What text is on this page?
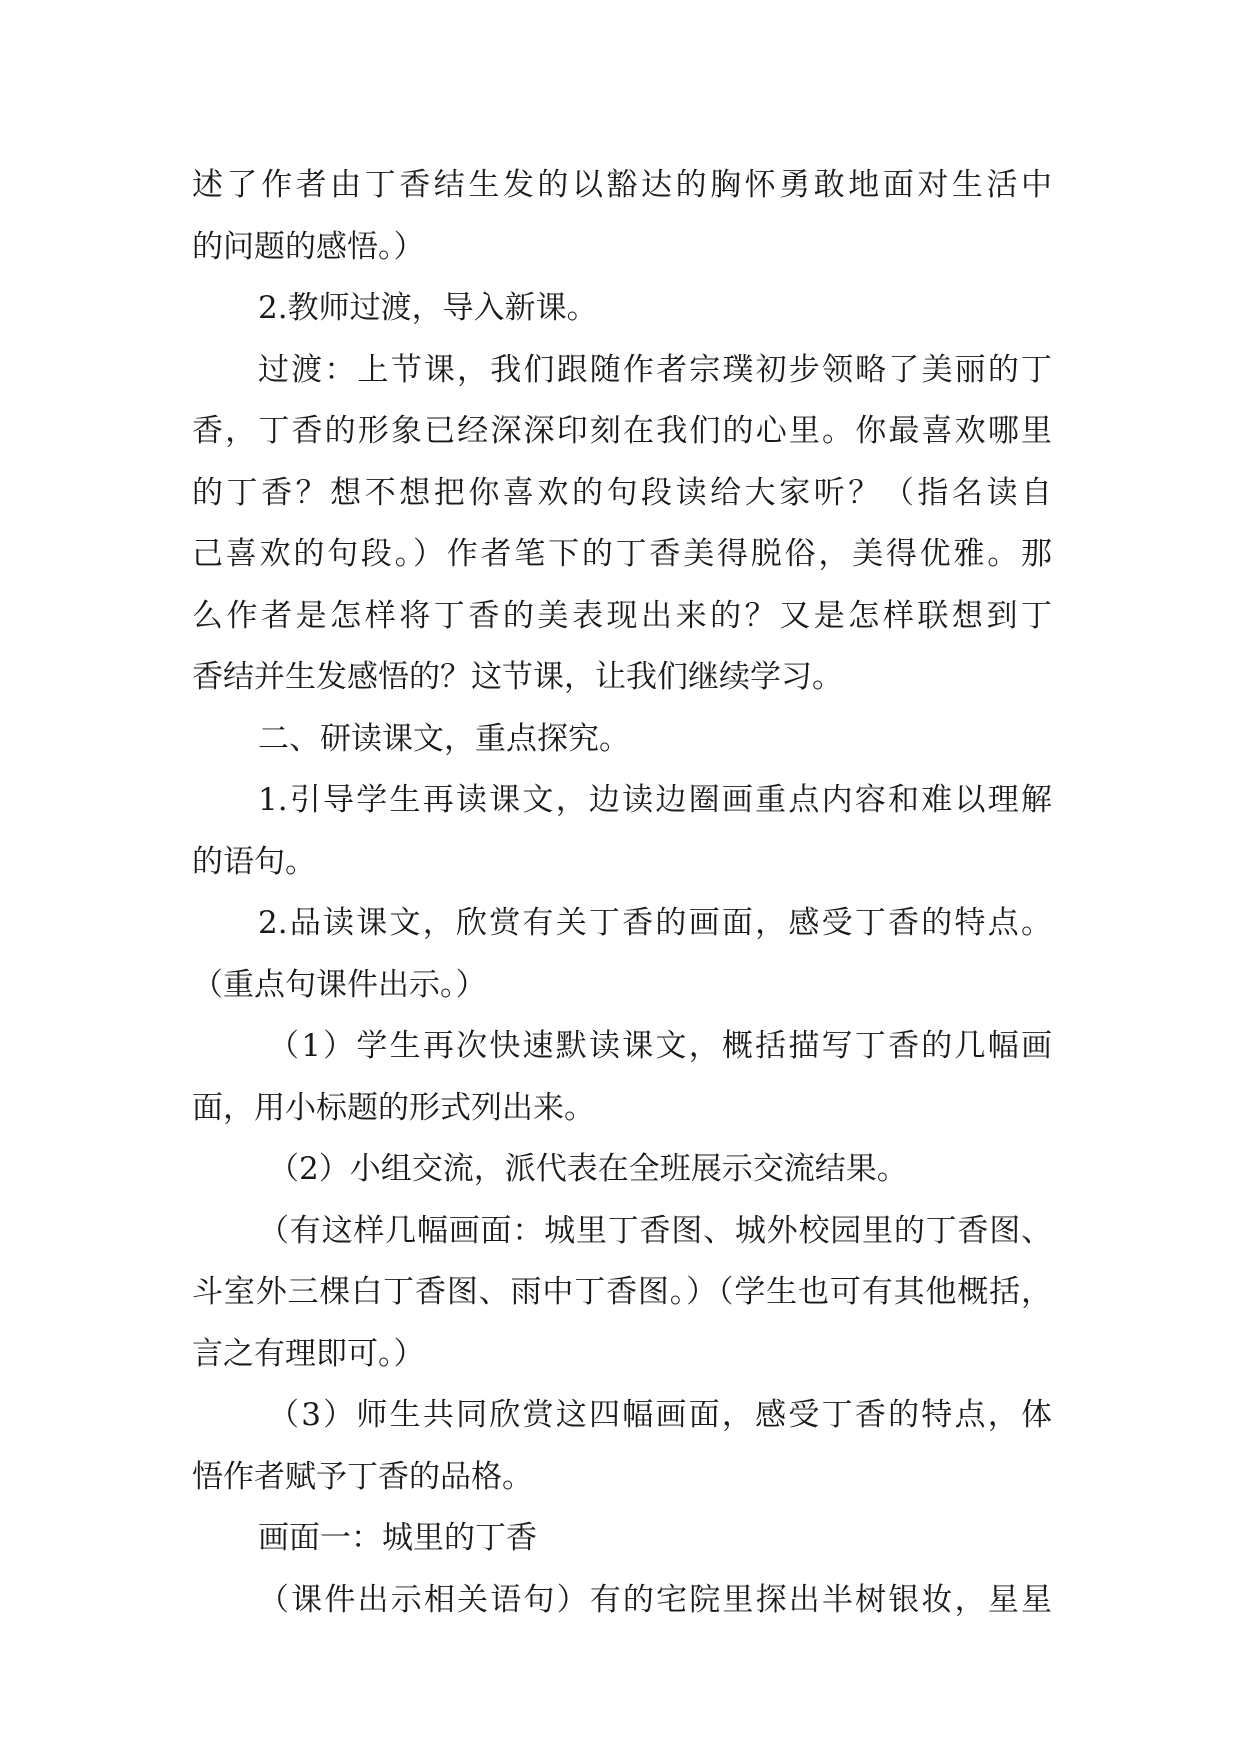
述了作者由丁香结生发的以豁达的胸怀勇敢地面对生活中
的问题的感悟。）
2.教师过渡，导入新课。
过渡：上节课，我们跟随作者宗璞初步领略了美丽的丁
香，丁香的形象已经深深印刻在我们的心里。你最喜欢哪里
的丁香？想不想把你喜欢的句段读给大家听？（指名读自
己喜欢的句段。）作者笔下的丁香美得脱俗，美得优雅。那
么作者是怎样将丁香的美表现出来的？又是怎样联想到丁
香结并生发感悟的？这节课，让我们继续学习。
二、研读课文，重点探究。
1.引导学生再读课文，边读边圈画重点内容和难以理解
的语句。
2.品读课文，欣赏有关丁香的画面，感受丁香的特点。
（重点句课件出示。）
（1）学生再次快速默读课文，概括描写丁香的几幅画
面，用小标题的形式列出来。
（2）小组交流，派代表在全班展示交流结果。
（有这样几幅画面：城里丁香图、城外校园里的丁香图、
斗室外三棵白丁香图、雨中丁香图。）（学生也可有其他概括，
言之有理即可。）
（3）师生共同欣赏这四幅画面，感受丁香的特点，体
悟作者赋予丁香的品格。
画面一：城里的丁香
（课件出示相关语句）有的宅院里探出半树银妆，星星
